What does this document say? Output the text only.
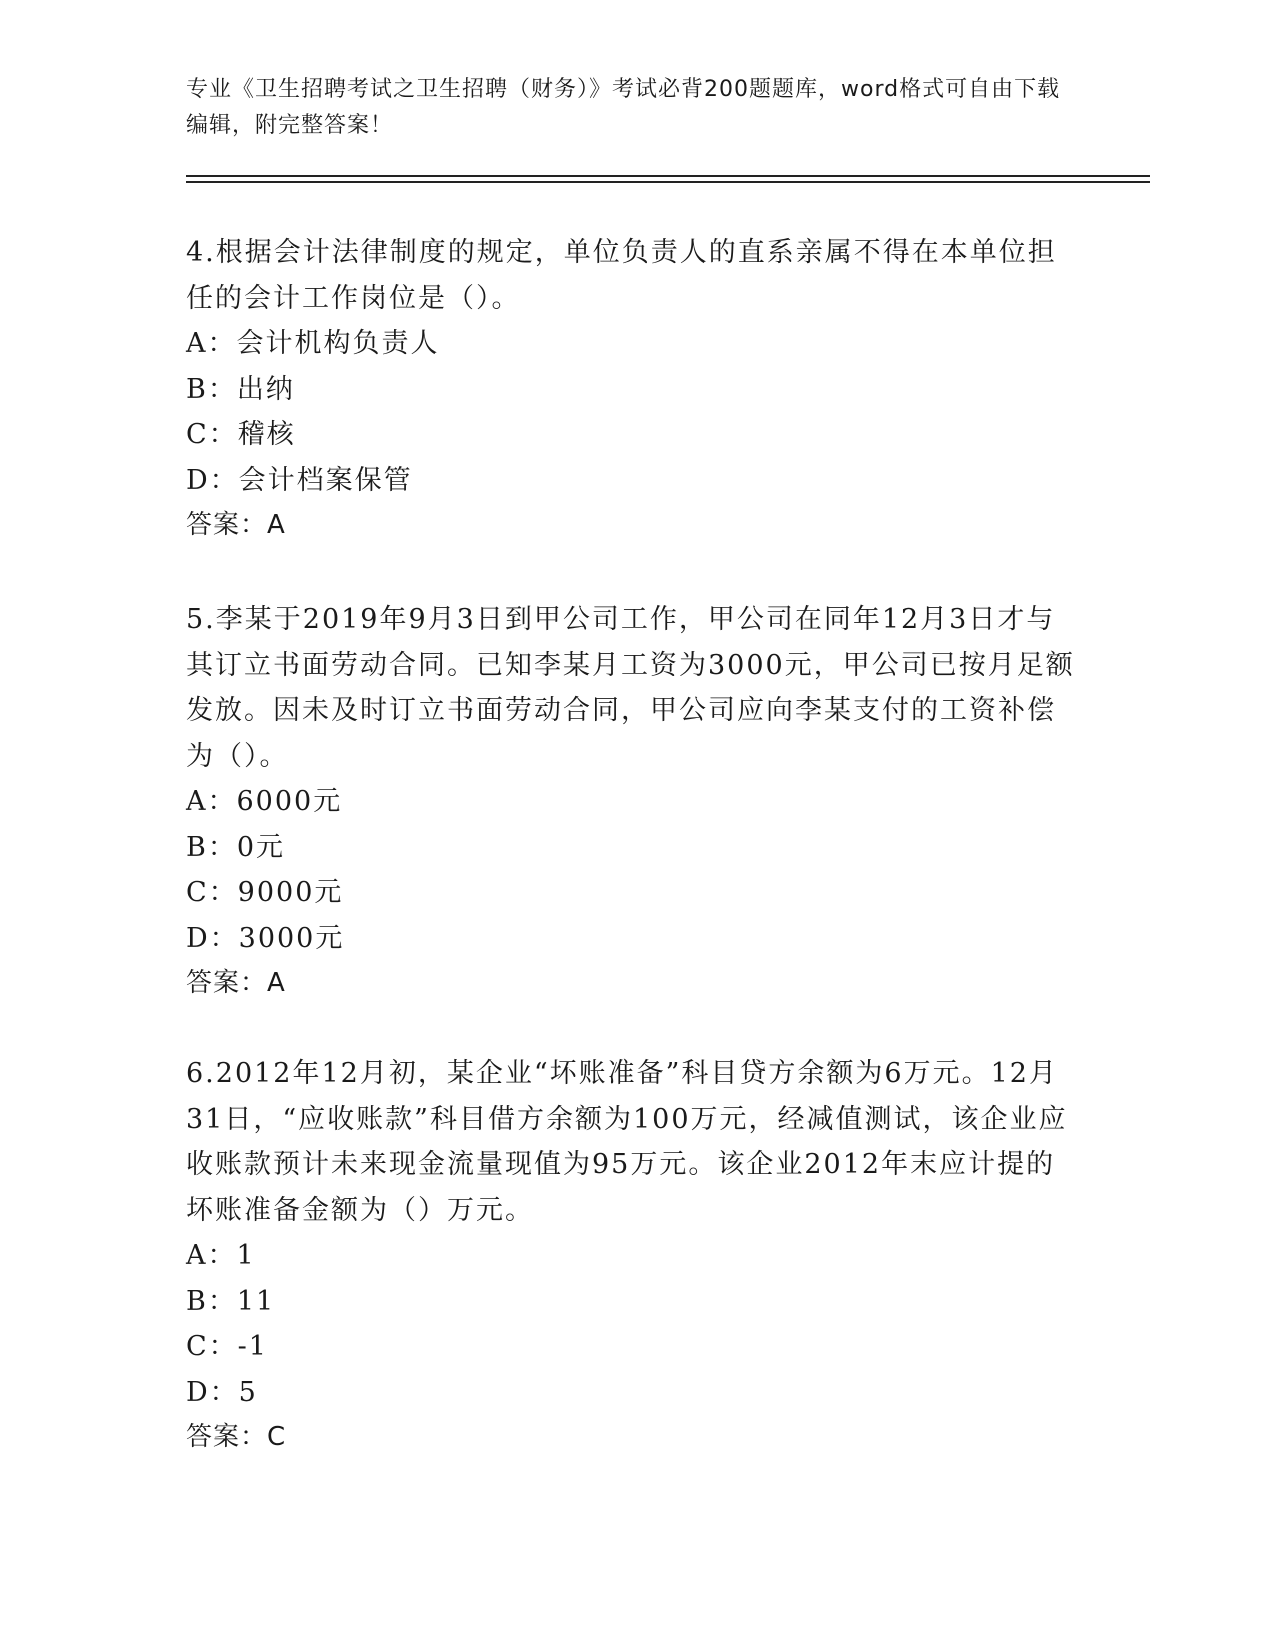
专业《卫生招聘考试之卫生招聘（财务）》考试必背200题题库，word格式可自由下载编辑，附完整答案！

4.根据会计法律制度的规定，单位负责人的直系亲属不得在本单位担任的会计工作岗位是（）。

A：会计机构负责人

B：出纳

C：稽核

D：会计档案保管

答案：A

5.李某于2019年9月3日到甲公司工作，甲公司在同年12月3日才与其订立书面劳动合同。已知李某月工资为3000元，甲公司已按月足额发放。因未及时订立书面劳动合同，甲公司应向李某支付的工资补偿为（）。

A：6000元

B：0元

C：9000元

D：3000元

答案：A

6.2012年12月初，某企业“坏账准备”科目贷方余额为6万元。12月31日，“应收账款”科目借方余额为100万元，经减值测试，该企业应收账款预计未来现金流量现值为95万元。该企业2012年末应计提的坏账准备金额为（）万元。

A：1

B：11

C：-1

D：5

答案：C
